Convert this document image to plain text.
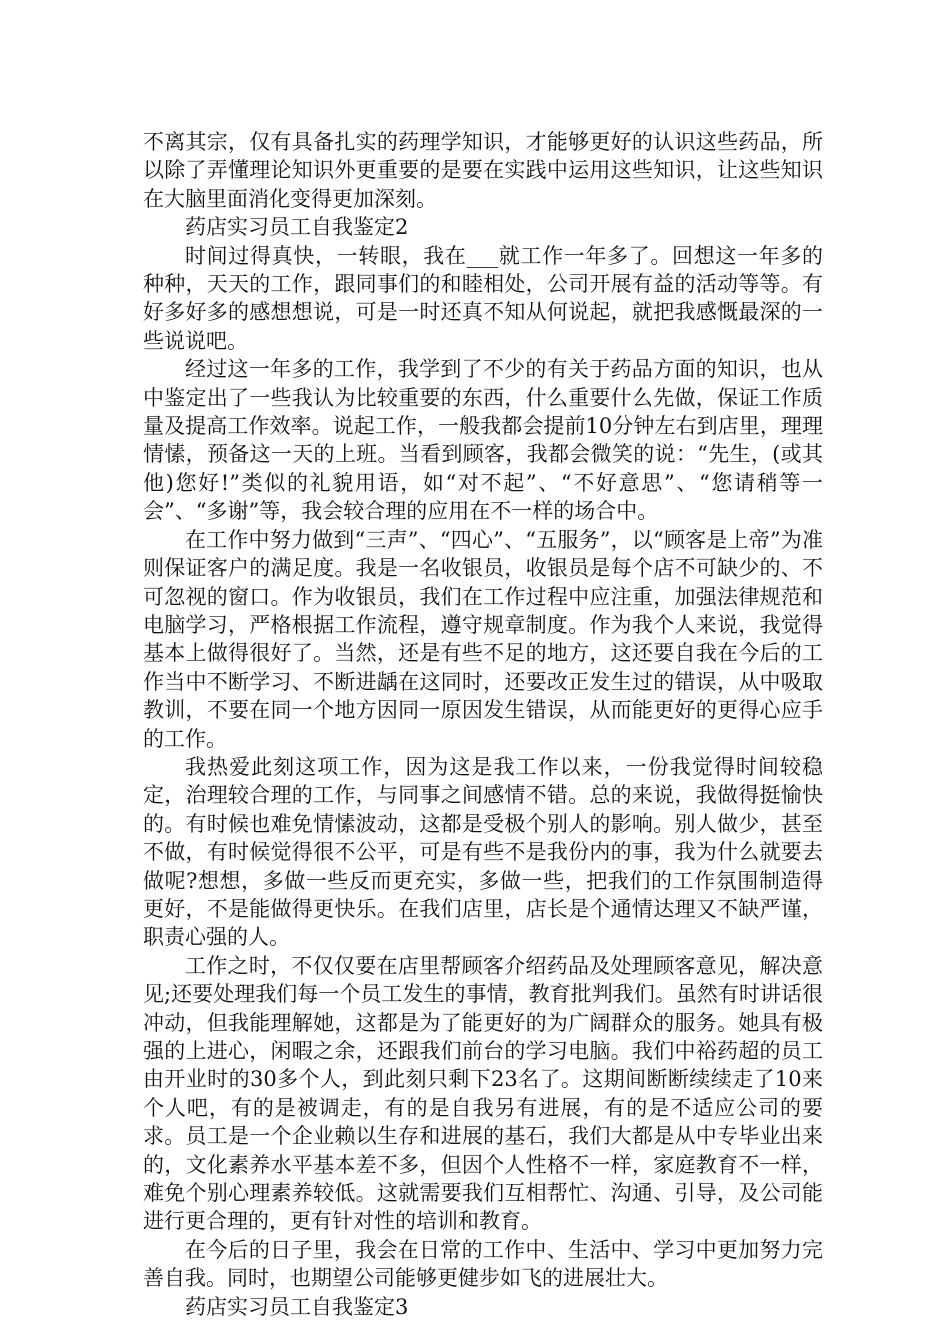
不离其宗，仅有具备扎实的药理学知识，才能够更好的认识这些药品，所以除了弄懂理论知识外更重要的是要在实践中运用这些知识，让这些知识在大脑里面消化变得更加深刻。

药店实习员工自我鉴定2

时间过得真快，一转眼，我在___就工作一年多了。回想这一年多的种种，天天的工作，跟同事们的和睦相处，公司开展有益的活动等等。有好多好多的感想想说，可是一时还真不知从何说起，就把我感慨最深的一些说说吧。

经过这一年多的工作，我学到了不少的有关于药品方面的知识，也从中鉴定出了一些我认为比较重要的东西，什么重要什么先做，保证工作质量及提高工作效率。说起工作，一般我都会提前10分钟左右到店里，理理情愫，预备这一天的上班。当看到顾客，我都会微笑的说：“先生，(或其他)您好!”类似的礼貌用语，如“对不起”、“不好意思”、“您请稍等一会”、“多谢”等，我会较合理的应用在不一样的场合中。

在工作中努力做到“三声”、“四心”、“五服务”，以“顾客是上帝”为准则保证客户的满足度。我是一名收银员，收银员是每个店不可缺少的、不可忽视的窗口。作为收银员，我们在工作过程中应注重，加强法律规范和电脑学习，严格根据工作流程，遵守规章制度。作为我个人来说，我觉得基本上做得很好了。当然，还是有些不足的地方，这还要自我在今后的工作当中不断学习、不断进龋在这同时，还要改正发生过的错误，从中吸取教训，不要在同一个地方因同一原因发生错误，从而能更好的更得心应手的工作。

我热爱此刻这项工作，因为这是我工作以来，一份我觉得时间较稳定，治理较合理的工作，与同事之间感情不错。总的来说，我做得挺愉快的。有时候也难免情愫波动，这都是受极个别人的影响。别人做少，甚至不做，有时候觉得很不公平，可是有些不是我份内的事，我为什么就要去做呢?想想，多做一些反而更充实，多做一些，把我们的工作氛围制造得更好，不是能做得更快乐。在我们店里，店长是个通情达理又不缺严谨，职责心强的人。

工作之时，不仅仅要在店里帮顾客介绍药品及处理顾客意见，解决意见;还要处理我们每一个员工发生的事情，教育批判我们。虽然有时讲话很冲动，但我能理解她，这都是为了能更好的为广阔群众的服务。她具有极强的上进心，闲暇之余，还跟我们前台的学习电脑。我们中裕药超的员工由开业时的30多个人，到此刻只剩下23名了。这期间断断续续走了10来个人吧，有的是被调走，有的是自我另有进展，有的是不适应公司的要求。员工是一个企业赖以生存和进展的基石，我们大都是从中专毕业出来的，文化素养水平基本差不多，但因个人性格不一样，家庭教育不一样，难免个别心理素养较低。这就需要我们互相帮忙、沟通、引导，及公司能进行更合理的，更有针对性的培训和教育。

在今后的日子里，我会在日常的工作中、生活中、学习中更加努力完善自我。同时，也期望公司能够更健步如飞的进展壮大。

药店实习员工自我鉴定3
